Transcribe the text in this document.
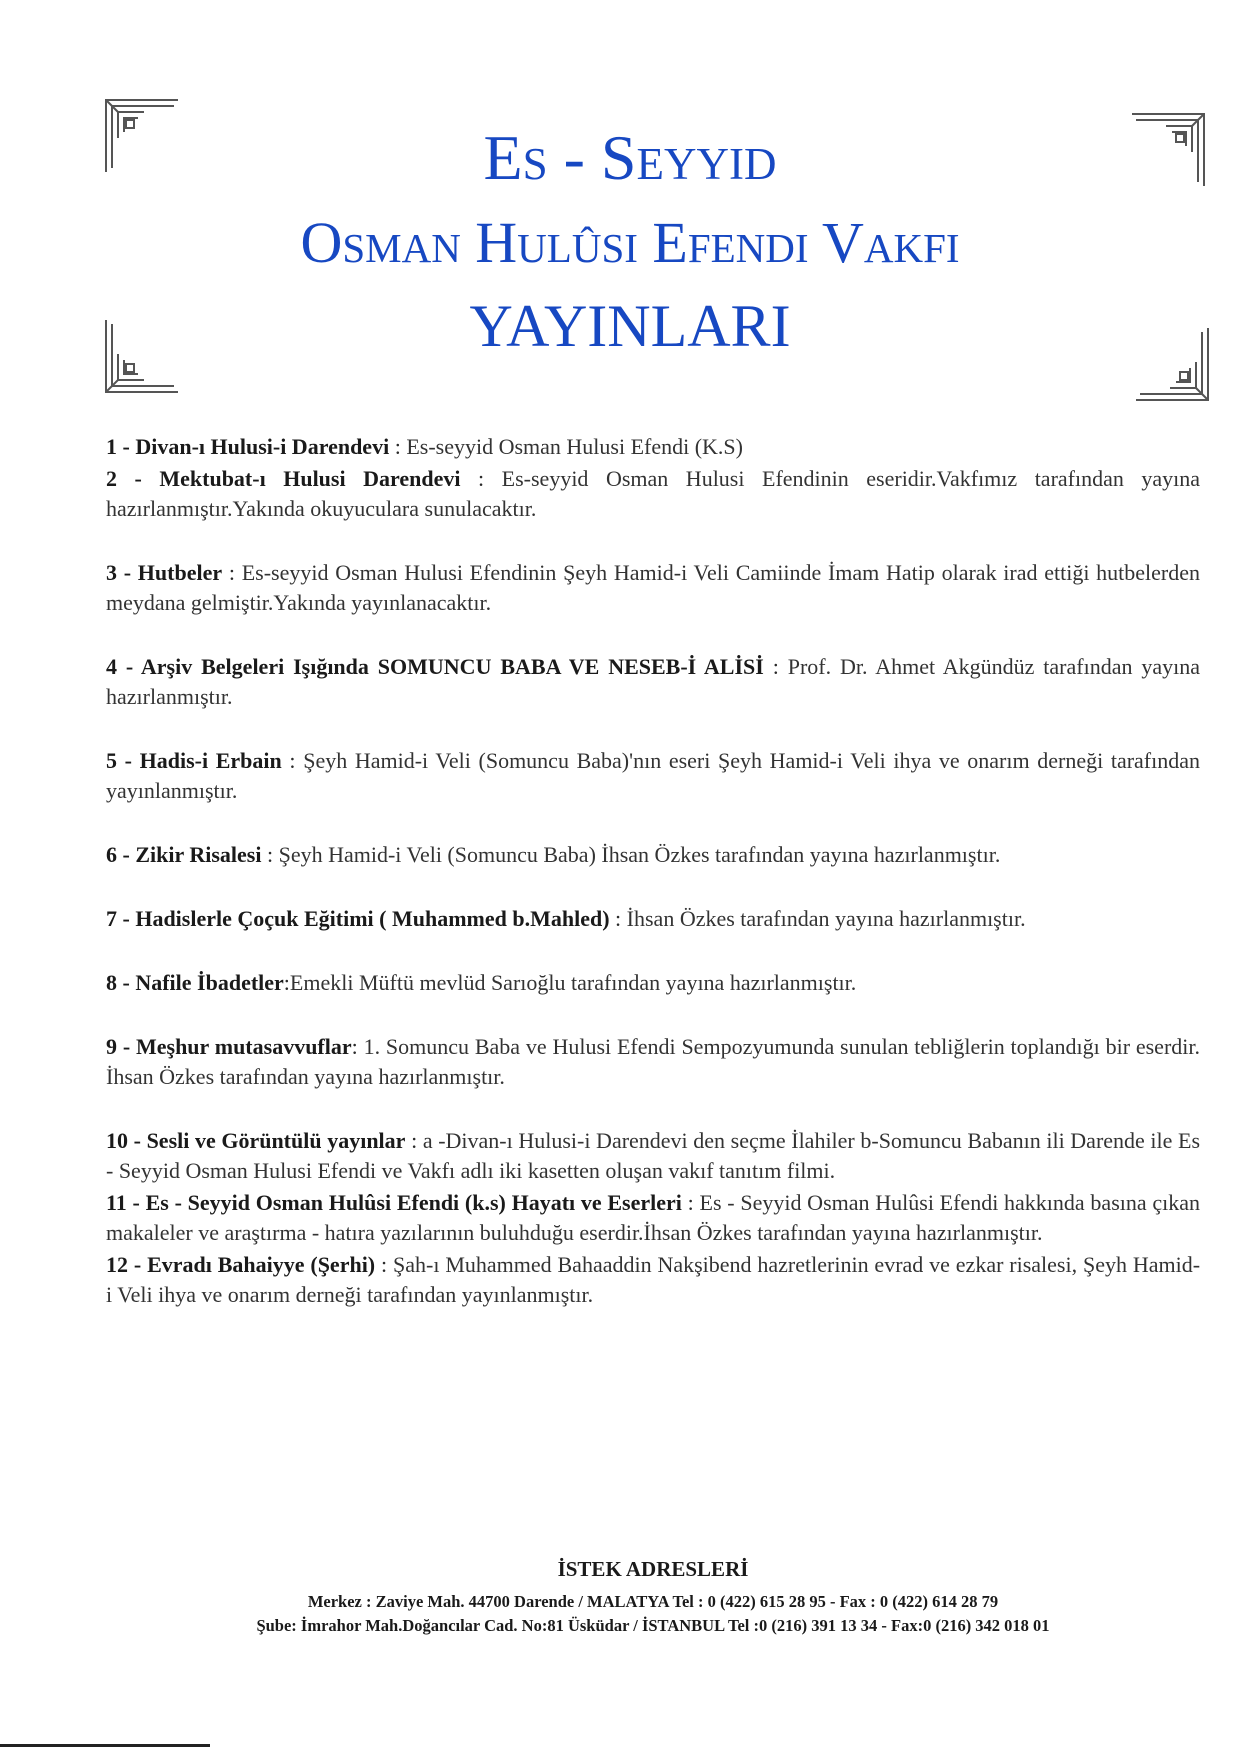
Es - Seyyid
Osman Hulûsi Efendi Vakfı
YAYINLARI
1 - Divan-ı Hulusi-i Darendevi : Es-seyyid Osman Hulusi Efendi (K.S)
2 - Mektubat-ı Hulusi Darendevi : Es-seyyid Osman Hulusi Efendinin eseridir.Vakfımız tarafından yayına hazırlanmıştır.Yakında okuyuculara sunulacaktır.
3 - Hutbeler : Es-seyyid Osman Hulusi Efendinin Şeyh Hamid-i Veli Camiinde İmam Hatip olarak irad ettiği hutbelerden meydana gelmiştir.Yakında yayınlanacaktır.
4 - Arşiv Belgeleri Işığında SOMUNCU BABA VE NESEB-İ ALİSİ : Prof. Dr. Ahmet Akgündüz tarafından yayına hazırlanmıştır.
5 - Hadis-i Erbain : Şeyh Hamid-i Veli (Somuncu Baba)'nın eseri Şeyh Hamid-i Veli ihya ve onarım derneği tarafından yayınlanmıştır.
6 - Zikir Risalesi : Şeyh Hamid-i Veli (Somuncu Baba) İhsan Özkes tarafından yayına hazırlanmıştır.
7 - Hadislerle Çoçuk Eğitimi ( Muhammed b.Mahled) : İhsan Özkes tarafından yayına hazırlanmıştır.
8 - Nafile İbadetler:Emekli Müftü mevlüd Sarıoğlu tarafından yayına hazırlanmıştır.
9 - Meşhur mutasavvuflar: 1. Somuncu Baba ve Hulusi Efendi Sempozyumunda sunulan tebliğlerin toplandığı bir eserdir. İhsan Özkes tarafından yayına hazırlanmıştır.
10 - Sesli ve Görüntülü yayınlar : a -Divan-ı Hulusi-i Darendevi den seçme İlahiler b-Somuncu Babanın ili Darende ile Es - Seyyid Osman Hulusi Efendi ve Vakfı adlı iki kasetten oluşan vakıf tanıtım filmi.
11 - Es - Seyyid Osman Hulûsi Efendi (k.s) Hayatı ve Eserleri : Es - Seyyid Osman Hulûsi Efendi hakkında basına çıkan makaleler ve araştırma - hatıra yazılarının buluhduğu eserdir.İhsan Özkes tarafından yayına hazırlanmıştır.
12 - Evradı Bahaiyye (Şerhi) : Şah-ı Muhammed Bahaaddin Nakşibend hazretlerinin evrad ve ezkar risalesi, Şeyh Hamid-i Veli ihya ve onarım derneği tarafından yayınlanmıştır.
İSTEK ADRESLERİ
Merkez : Zaviye Mah. 44700 Darende / MALATYA Tel : 0 (422) 615 28 95 - Fax : 0 (422) 614 28 79
Şube: İmrahor Mah.Doğancılar Cad. No:81 Üsküdar / İSTANBUL Tel :0 (216) 391 13 34 - Fax:0 (216) 342 018 01
